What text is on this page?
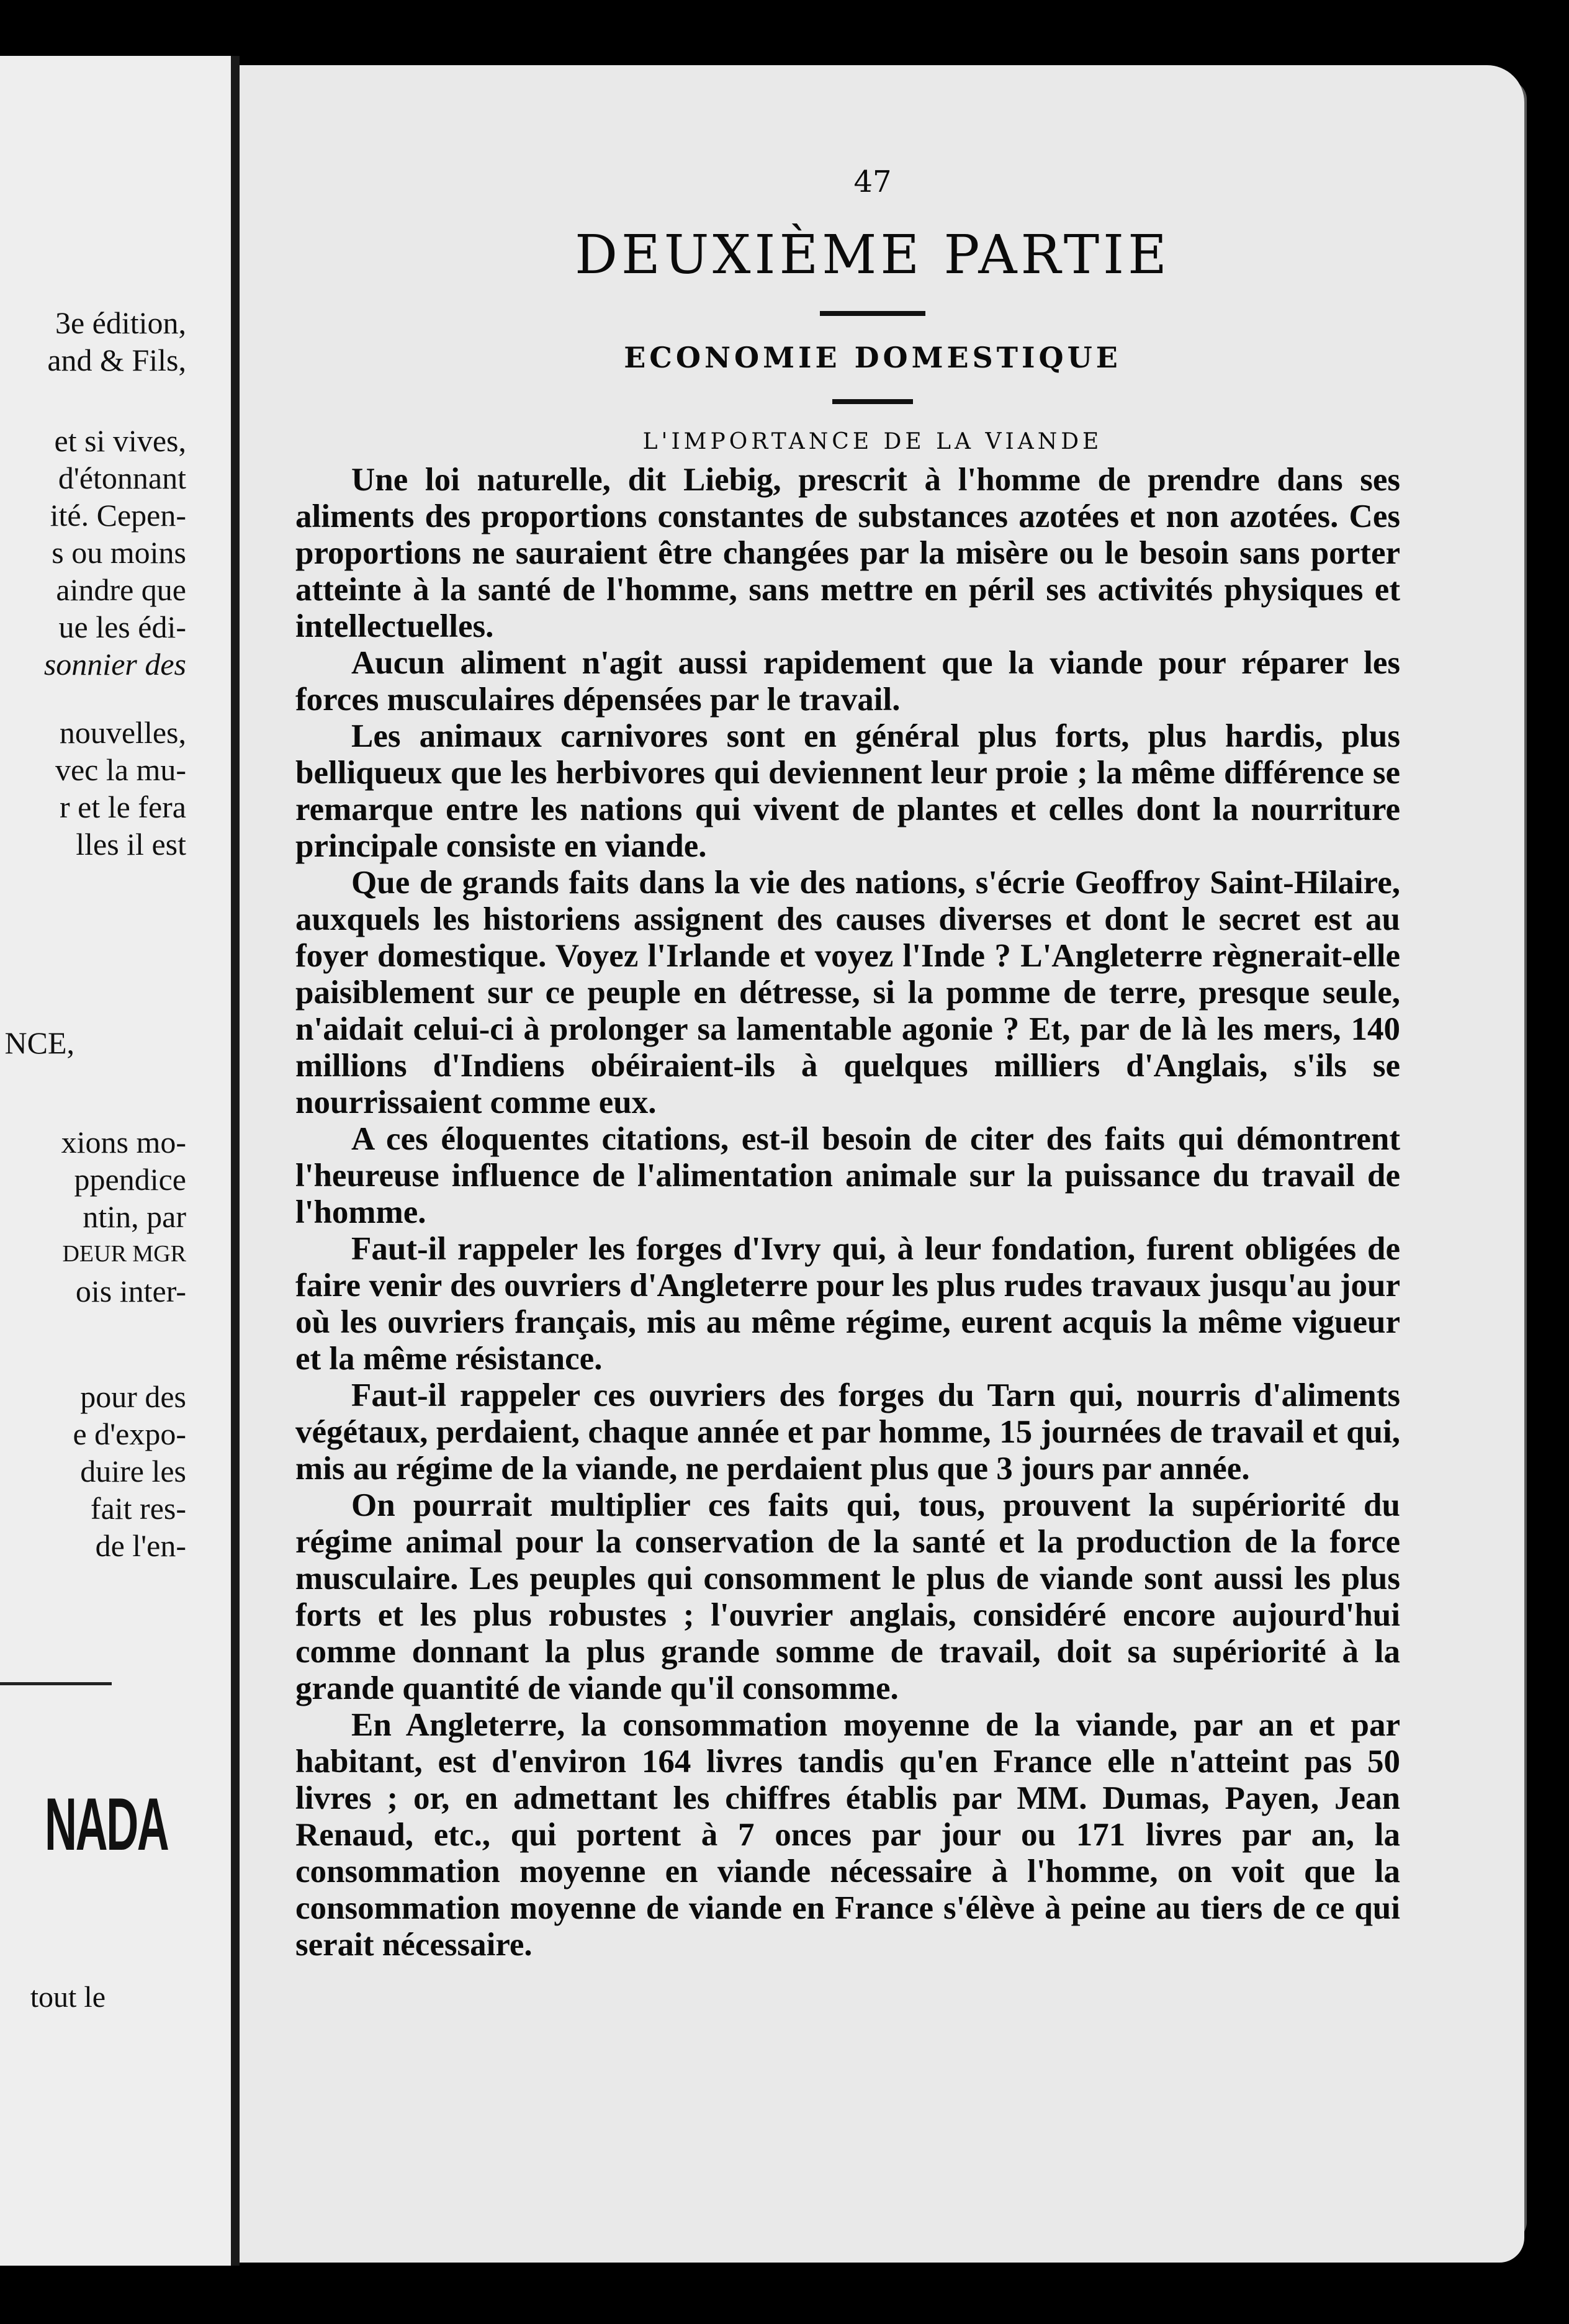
3e édition,
and & Fils,
et si vives,
d'étonnant
ité. Cepen-
s ou moins
aindre que
ue les édi-
sonnier des
nouvelles,
vec la mu-
r et le fera
lles il est
NCE,
xions mo-
ppendice
ntin, par
DEUR MGR
ois inter-
pour des
e d'expo-
duire les
fait res-
de l'en-
NADA
tout le
47
DEUXIÈME PARTIE
ECONOMIE DOMESTIQUE
L'IMPORTANCE DE LA VIANDE

Une loi naturelle, dit Liebig, prescrit à l'homme de prendre dans ses aliments des proportions constantes de substances azotées et non azotées. Ces proportions ne sauraient être changées par la misère ou le besoin sans porter atteinte à la santé de l'homme, sans mettre en péril ses activités physiques et intellectuelles.

Aucun aliment n'agit aussi rapidement que la viande pour réparer les forces musculaires dépensées par le travail.

Les animaux carnivores sont en général plus forts, plus hardis, plus belliqueux que les herbivores qui deviennent leur proie ; la même différence se remarque entre les nations qui vivent de plantes et celles dont la nourriture principale consiste en viande.

Que de grands faits dans la vie des nations, s'écrie Geoffroy Saint-Hilaire, auxquels les historiens assignent des causes diverses et dont le secret est au foyer domestique. Voyez l'Irlande et voyez l'Inde ? L'Angleterre règnerait-elle paisiblement sur ce peuple en détresse, si la pomme de terre, presque seule, n'aidait celui-ci à prolonger sa lamentable agonie ? Et, par de là les mers, 140 millions d'Indiens obéiraient-ils à quelques milliers d'Anglais, s'ils se nourrissaient comme eux.

A ces éloquentes citations, est-il besoin de citer des faits qui démontrent l'heureuse influence de l'alimentation animale sur la puissance du travail de l'homme.

Faut-il rappeler les forges d'Ivry qui, à leur fondation, furent obligées de faire venir des ouvriers d'Angleterre pour les plus rudes travaux jusqu'au jour où les ouvriers français, mis au même régime, eurent acquis la même vigueur et la même résistance.

Faut-il rappeler ces ouvriers des forges du Tarn qui, nourris d'aliments végétaux, perdaient, chaque année et par homme, 15 journées de travail et qui, mis au régime de la viande, ne perdaient plus que 3 jours par année.

On pourrait multiplier ces faits qui, tous, prouvent la supériorité du régime animal pour la conservation de la santé et la production de la force musculaire. Les peuples qui consomment le plus de viande sont aussi les plus forts et les plus robustes ; l'ouvrier anglais, considéré encore aujourd'hui comme donnant la plus grande somme de travail, doit sa supériorité à la grande quantité de viande qu'il consomme.

En Angleterre, la consommation moyenne de la viande, par an et par habitant, est d'environ 164 livres tandis qu'en France elle n'atteint pas 50 livres ; or, en admettant les chiffres établis par MM. Dumas, Payen, Jean Renaud, etc., qui portent à 7 onces par jour ou 171 livres par an, la consommation moyenne en viande nécessaire à l'homme, on voit que la consommation moyenne de viande en France s'élève à peine au tiers de ce qui serait nécessaire.
